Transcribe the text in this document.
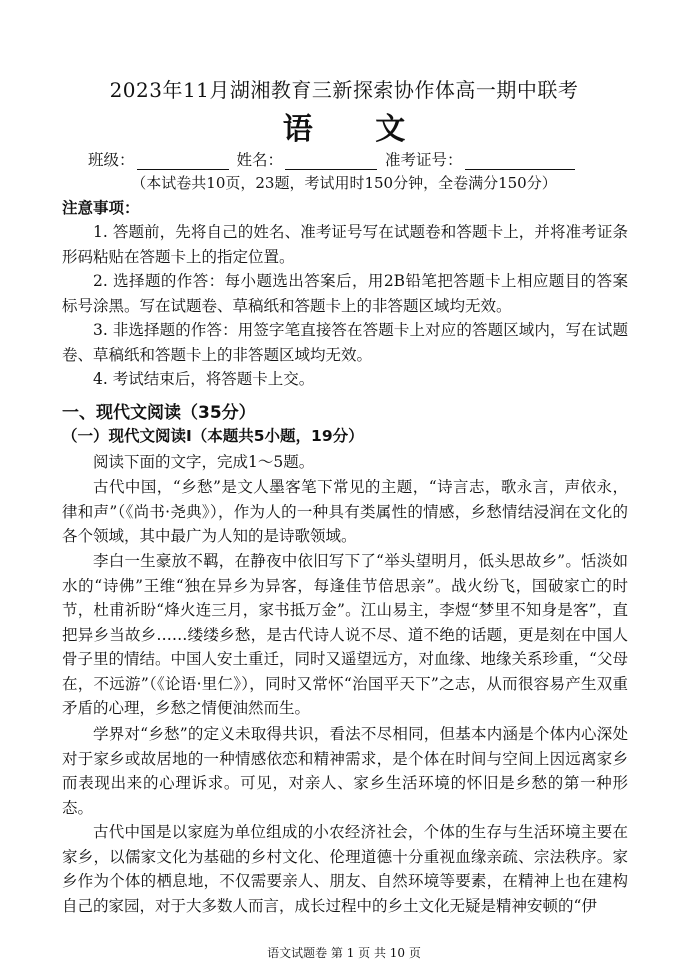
2023年11月湖湘教育三新探索协作体高一期中联考
语 文
班级：	姓名：	准考证号：
（本试卷共10页，23题，考试用时150分钟，全卷满分150分）
注意事项：

1. 答题前，先将自己的姓名、准考证号写在试题卷和答题卡上，并将准考证条形码粘贴在答题卡上的指定位置。

2. 选择题的作答：每小题选出答案后，用2B铅笔把答题卡上相应题目的答案标号涂黑。写在试题卷、草稿纸和答题卡上的非答题区域均无效。

3. 非选择题的作答：用签字笔直接答在答题卡上对应的答题区域内，写在试题卷、草稿纸和答题卡上的非答题区域均无效。

4. 考试结束后，将答题卡上交。

一、现代文阅读（35分）
（一）现代文阅读Ⅰ（本题共5小题，19分）

阅读下面的文字，完成1～5题。

古代中国，“乡愁”是文人墨客笔下常见的主题，“诗言志，歌永言，声依永，律和声”（《尚书·尧典》），作为人的一种具有类属性的情感，乡愁情结浸润在文化的各个领域，其中最广为人知的是诗歌领域。

李白一生豪放不羁，在静夜中依旧写下了“举头望明月，低头思故乡”。恬淡如水的“诗佛”王维“独在异乡为异客，每逢佳节倍思亲”。战火纷飞，国破家亡的时节，杜甫祈盼“烽火连三月，家书抵万金”。江山易主，李煜“梦里不知身是客”，直把异乡当故乡……缕缕乡愁，是古代诗人说不尽、道不绝的话题，更是刻在中国人骨子里的情结。中国人安土重迁，同时又遥望远方，对血缘、地缘关系珍重，“父母在，不远游”（《论语·里仁》），同时又常怀“治国平天下”之志，从而很容易产生双重矛盾的心理，乡愁之情便油然而生。

学界对“乡愁”的定义未取得共识，看法不尽相同，但基本内涵是个体内心深处对于家乡或故居地的一种情感依恋和精神需求，是个体在时间与空间上因远离家乡而表现出来的心理诉求。可见，对亲人、家乡生活环境的怀旧是乡愁的第一种形态。

古代中国是以家庭为单位组成的小农经济社会，个体的生存与生活环境主要在家乡，以儒家文化为基础的乡村文化、伦理道德十分重视血缘亲疏、宗法秩序。家乡作为个体的栖息地，不仅需要亲人、朋友、自然环境等要素，在精神上也在建构自己的家园，对于大多数人而言，成长过程中的乡土文化无疑是精神安顿的“伊

语文试题卷 第 1 页 共 10 页
